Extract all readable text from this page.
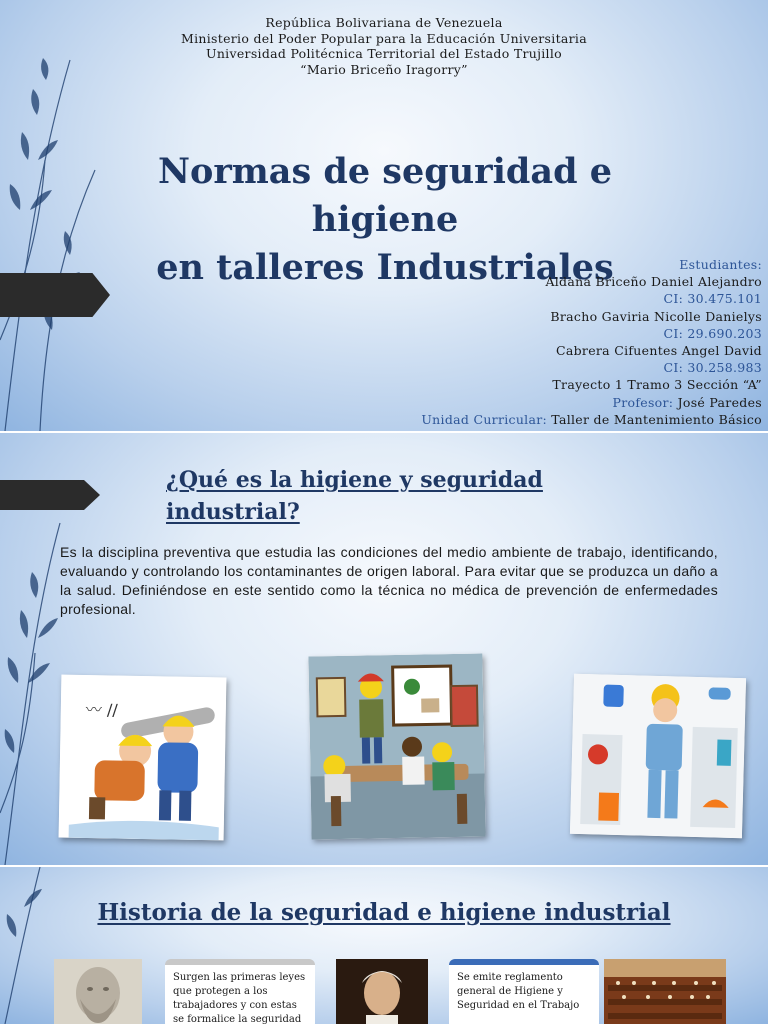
República Bolivariana de Venezuela
Ministerio del Poder Popular para la Educación Universitaria
Universidad Politécnica Territorial del Estado Trujillo
“Mario Briceño Iragorry”
Normas de seguridad e higiene
en talleres Industriales	Estudiantes:
Aldana Briceño Daniel Alejandro
CI: 30.475.101
Bracho Gaviria Nicolle Danielys
CI: 29.690.203
Cabrera Cifuentes Angel David
CI: 30.258.983
Trayecto 1 Tramo 3 Sección “A”
Profesor: José Paredes
Unidad Curricular: Taller de Mantenimiento Básico
¿Qué es la higiene y seguridad industrial?

Es la disciplina preventiva que estudia las condiciones del medio ambiente de trabajo, identificando, evaluando y controlando los contaminantes de origen laboral. Para evitar que se produzca un daño a la salud. Definiéndose en este sentido como la técnica no médica de prevención de enfermedades profesional.

〰 //
Historia de la seguridad e higiene industrial
Surgen las primeras leyes que protegen a los trabajadores y con estas se formalice la seguridad
Se emite reglamento general de Higiene y Seguridad en el Trabajo
